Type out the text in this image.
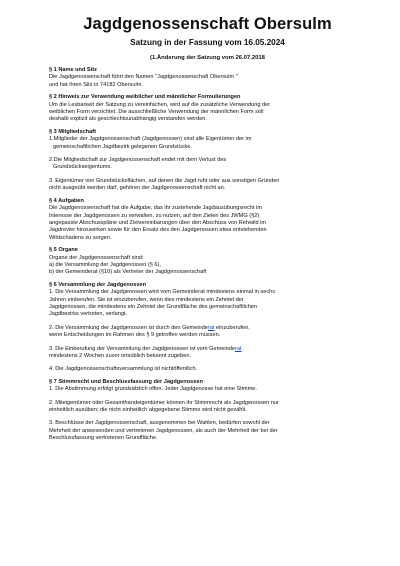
Jagdgenossenschaft Obersulm
Satzung in der Fassung vom 16.05.2024
(1.Änderung der Satzung vom 26.07.2018
§ 1 Name und Sitz
Die Jagdgenossenschaft führt den Namen "Jagdgenossenschaft Obersulm "
und hat ihren Sitz in 74182 Obersulm.
§ 2 Hinweis zur Verwendung weiblicher und männlicher Formulierungen
Um die Lesbarkeit der Satzung zu vereinfachen, wird auf die zusätzliche Verwendung der
weiblichen Form verzichtet. Die ausschließliche Verwendung der männlichen Form soll
deshalb explizit als geschlechtsunabhängig verstanden werden.
§ 3 Mitgliedschaft
1.Mitglieder der Jagdgenossenschaft (Jagdgenossen) sind alle Eigentümer der im
gemeinschaftlichen Jagdbezirk gelegenen Grundstücke.
2.Die Mitgliedschaft zur Jagdgenossenschaft endet mit dem Verlust des
Grundstückseigentums.
3. Eigentümer von Grundstücksflächen, auf denen die Jagd ruht oder aus sonstigen Gründen
nicht ausgeübt werden darf, gehören der Jagdgenossenschaft nicht an.
§ 4 Aufgaben
Die Jagdgenossenschaft hat die Aufgabe, das ihr zustehende Jagdausübungsrecht im
Interesse der Jagdgenossen zu verwalten, zu nutzen, auf den Zielen des JWMG (§2)
angepasste Abschusspläne und Zielvereinbarungen über den Abschuss von Rehwild im
Jagdrevier hinzuwirken sowie für den Ersatz des den Jagdgenossen etwa entstehenden
Wildschadens zu sorgen.
§ 5 Organe
Organe der Jagdgenossenschaft sind:
a) die Versammlung der Jagdgenossen (§ 6),
b) der Gemeinderat (§10) als Vertreter der Jagdgenossenschaft
§ 6 Versammlung der Jagdgenossen
1. Die Versammlung der Jagdgenossen wird vom Gemeinderat mindestens einmal in sechs
Jahren einberufen. Sie ist einzuberufen, wenn dies mindestens ein Zehntel der
Jagdgenossen, die mindestens ein Zehntel der Grundfläche des gemeinschaftlichen
Jagdbezirks vertreten, verlangt.
2. Die Versammlung der Jagdgenossen ist durch den Gemeinderat einzuberufen,
wenn Entscheidungen im Rahmen des § 9 getroffen werden müssen.
3. Die Einberufung der Versammlung der Jagdgenossen ist vom Gemeinderat
mindestens 2 Wochen zuvor ortsüblich bekannt zugeben.
4. Die Jagdgenossenschaftsversammlung ist nichtöffentlich.
§ 7 Stimmrecht und Beschlussfassung der Jagdgenossen
1. Die Abstimmung erfolgt grundsätzlich offen. Jeder Jagdgenosse hat eine Stimme.
2. Miteigentümer oder Gesamthandeigentümer können ihr Stimmrecht als Jagdgenossen nur
einheitlich ausüben; die nicht einheitlich abgegebene Stimme wird nicht gezählt.
3. Beschlüsse der Jagdgenossenschaft, ausgenommen bei Wahlen, bedürfen sowohl der
Mehrheit der anwesenden und vertretenen Jagdgenossen, als auch der Mehrheit der bei der
Beschlussfassung vertretenen Grundfläche.
